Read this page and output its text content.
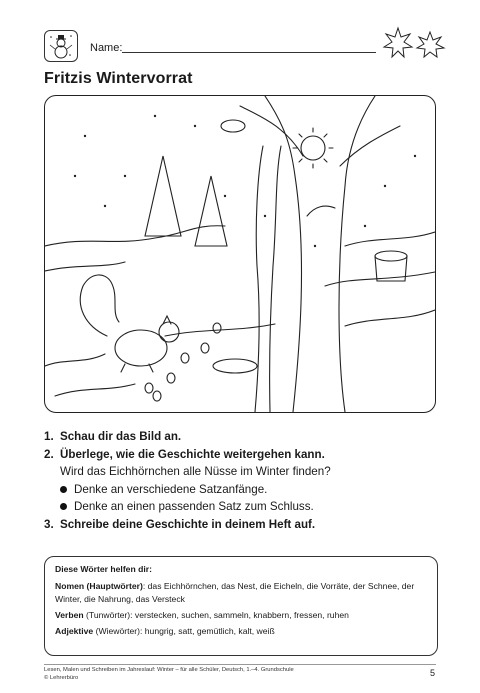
Name:
Fritzis Wintervorrat
1. Schau dir das Bild an.
2. Überlege, wie die Geschichte weitergehen kann.
Wird das Eichhörnchen alle Nüsse im Winter finden?
Denke an verschiedene Satzanfänge.
Denke an einen passenden Satz zum Schluss.
3. Schreibe deine Geschichte in deinem Heft auf.
Diese Wörter helfen dir:
Nomen (Hauptwörter): das Eichhörnchen, das Nest, die Eicheln, die Vorräte, der Schnee, der Winter, die Nahrung, das Versteck
Verben (Tunwörter): verstecken, suchen, sammeln, knabbern, fressen, ruhen
Adjektive (Wiewörter): hungrig, satt, gemütlich, kalt, weiß
Lesen, Malen und Schreiben im Jahreslauf: Winter – für alle Schüler, Deutsch, 1.–4. Grundschule
© Lehrerbüro	5
